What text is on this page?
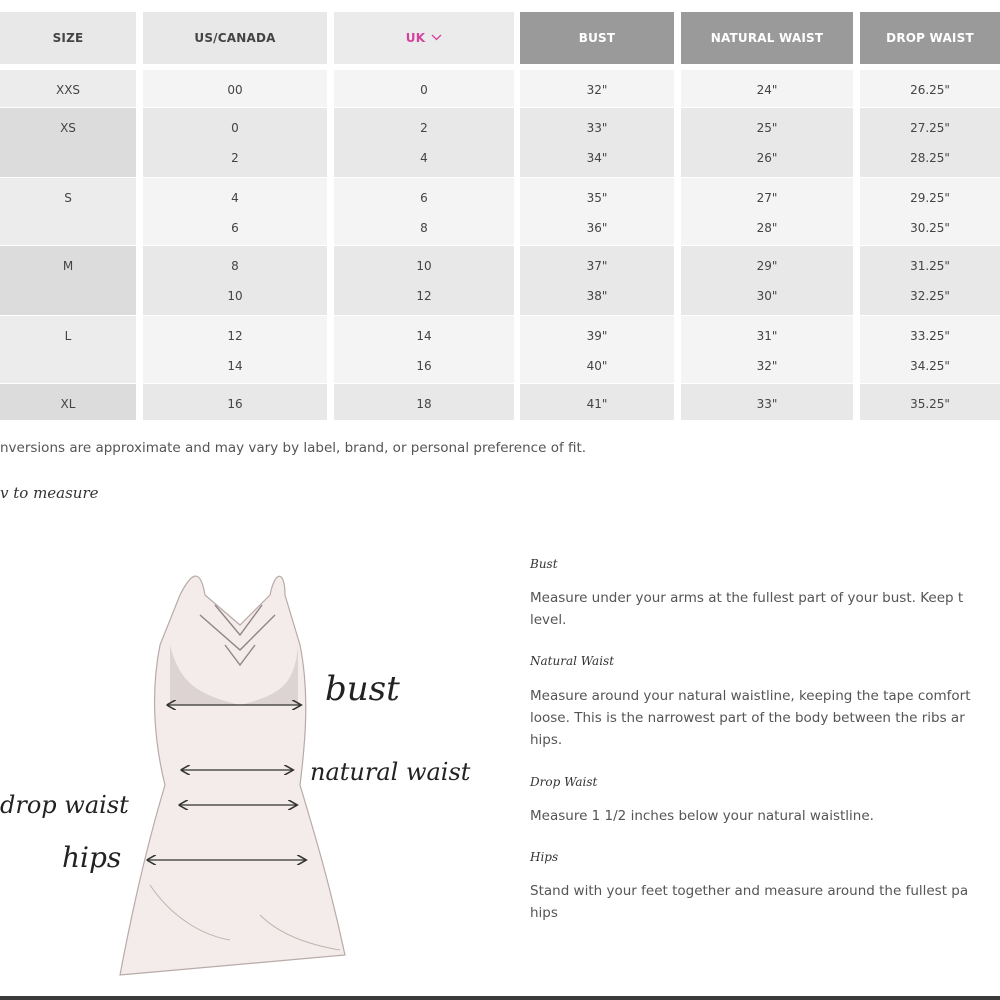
SIZE
XXS
XS
S
M
L
XL
US/CANADA
00
0
2
4
6
8
10
12
14
16
UK
0
2
4
6
8
10
12
14
16
18
BUST
32"
33"
34"
35"
36"
37"
38"
39"
40"
41"
NATURAL WAIST
24"
25"
26"
27"
28"
29"
30"
31"
32"
33"
DROP WAIST
26.25"
27.25"
28.25"
29.25"
30.25"
31.25"
32.25"
33.25"
34.25"
35.25"
nversions are approximate and may vary by label, brand, or personal preference of fit.
v to measure
bust
natural waist
drop waist
hips
Bust
Measure under your arms at the fullest part of your bust. Keep t level.
Natural Waist
Measure around your natural waistline, keeping the tape comfort loose. This is the narrowest part of the body between the ribs ar hips.
Drop Waist
Measure 1 1/2 inches below your natural waistline.
Hips
Stand with your feet together and measure around the fullest pa hips
